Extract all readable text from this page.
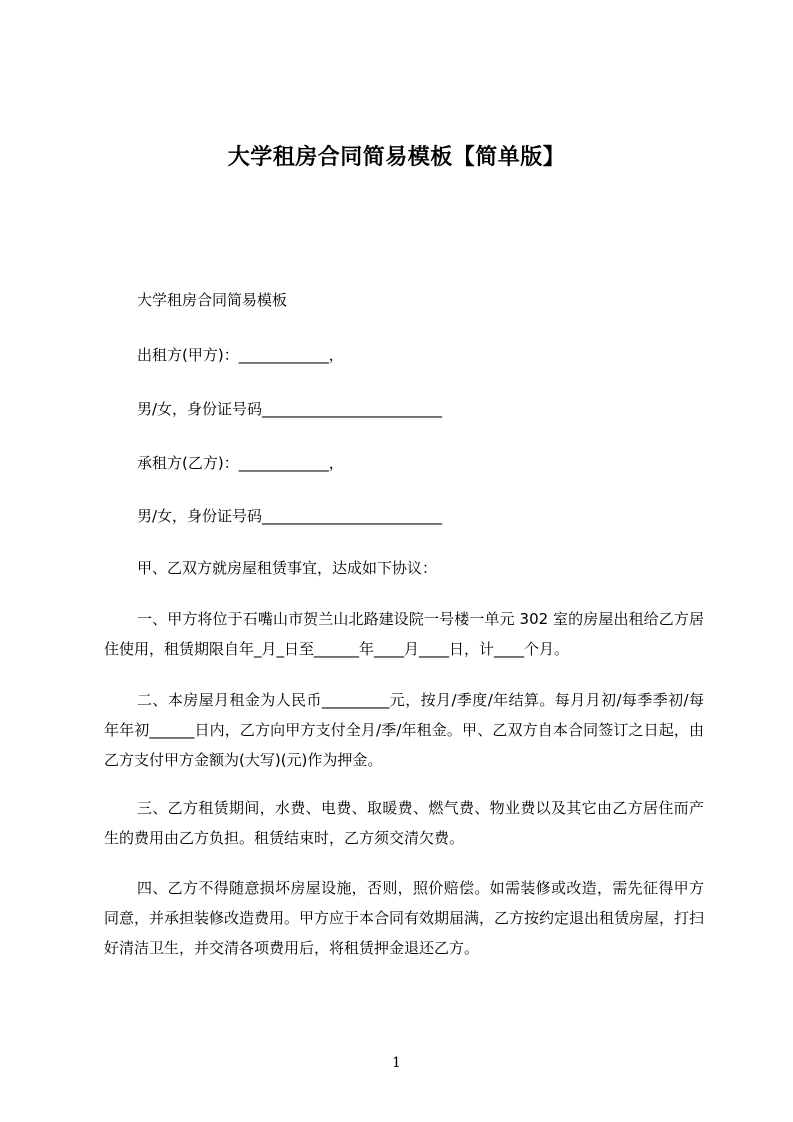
大学租房合同简易模板【简单版】

大学租房合同简易模板

出租方(甲方)：____________，

男/女，身份证号码________________________

承租方(乙方)：____________，

男/女，身份证号码________________________

甲、乙双方就房屋租赁事宜，达成如下协议：

一、甲方将位于石嘴山市贺兰山北路建设院一号楼一单元 302 室的房屋出租给乙方居住使用，租赁期限自年_月_日至______年____月____日，计____个月。

二、本房屋月租金为人民币_________元，按月/季度/年结算。每月月初/每季季初/每年年初______日内，乙方向甲方支付全月/季/年租金。甲、乙双方自本合同签订之日起，由乙方支付甲方金额为(大写)(元)作为押金。

三、乙方租赁期间，水费、电费、取暖费、燃气费、物业费以及其它由乙方居住而产生的费用由乙方负担。租赁结束时，乙方须交清欠费。

四、乙方不得随意损坏房屋设施，否则，照价赔偿。如需装修或改造，需先征得甲方同意，并承担装修改造费用。甲方应于本合同有效期届满，乙方按约定退出租赁房屋，打扫好清洁卫生，并交清各项费用后，将租赁押金退还乙方。

1
